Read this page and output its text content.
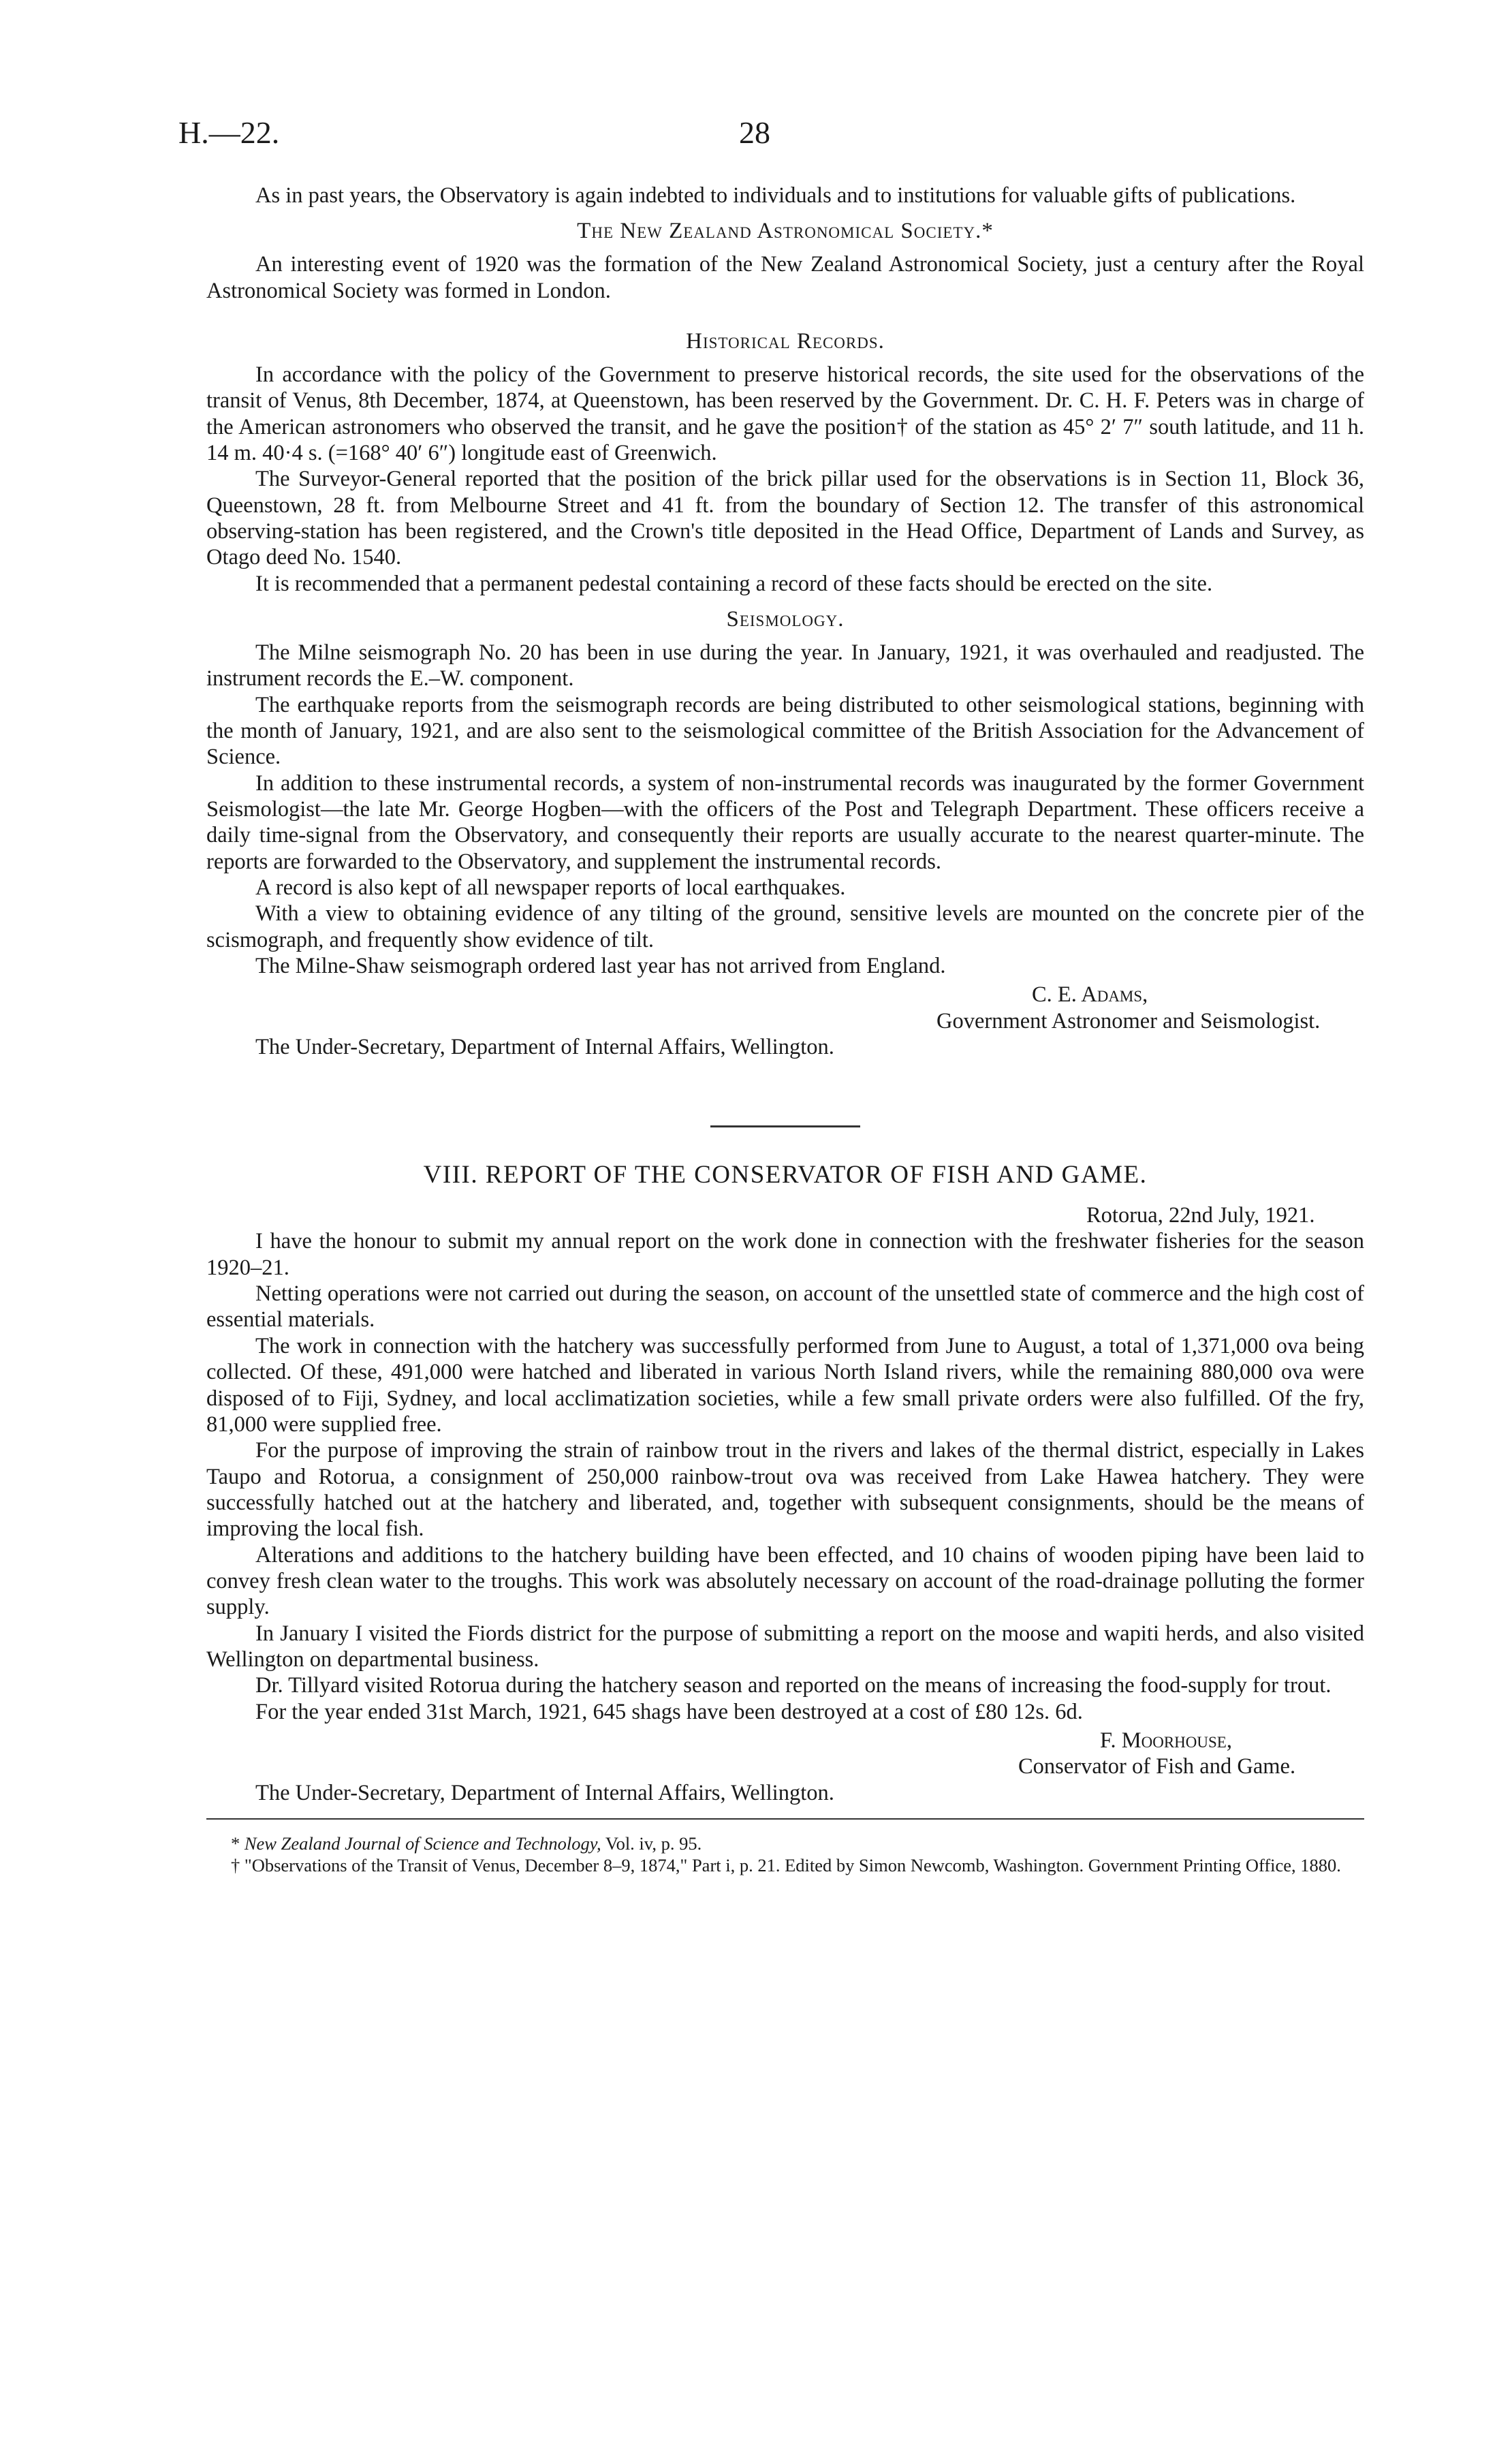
H.—22.	28

As in past years, the Observatory is again indebted to individuals and to institutions for valuable gifts of publications.

The New Zealand Astronomical Society.*

An interesting event of 1920 was the formation of the New Zealand Astronomical Society, just a century after the Royal Astronomical Society was formed in London.

Historical Records.

In accordance with the policy of the Government to preserve historical records, the site used for the observations of the transit of Venus, 8th December, 1874, at Queenstown, has been reserved by the Government. Dr. C. H. F. Peters was in charge of the American astronomers who observed the transit, and he gave the position† of the station as 45° 2′ 7″ south latitude, and 11 h. 14 m. 40·4 s. (=168° 40′ 6″) longitude east of Greenwich.

The Surveyor-General reported that the position of the brick pillar used for the observations is in Section 11, Block 36, Queenstown, 28 ft. from Melbourne Street and 41 ft. from the boundary of Section 12. The transfer of this astronomical observing-station has been registered, and the Crown's title deposited in the Head Office, Department of Lands and Survey, as Otago deed No. 1540.

It is recommended that a permanent pedestal containing a record of these facts should be erected on the site.

Seismology.

The Milne seismograph No. 20 has been in use during the year. In January, 1921, it was overhauled and readjusted. The instrument records the E.–W. component.

The earthquake reports from the seismograph records are being distributed to other seismological stations, beginning with the month of January, 1921, and are also sent to the seismological committee of the British Association for the Advancement of Science.

In addition to these instrumental records, a system of non-instrumental records was inaugurated by the former Government Seismologist—the late Mr. George Hogben—with the officers of the Post and Telegraph Department. These officers receive a daily time-signal from the Observatory, and consequently their reports are usually accurate to the nearest quarter-minute. The reports are forwarded to the Observatory, and supplement the instrumental records.

A record is also kept of all newspaper reports of local earthquakes.

With a view to obtaining evidence of any tilting of the ground, sensitive levels are mounted on the concrete pier of the scismograph, and frequently show evidence of tilt.

The Milne-Shaw seismograph ordered last year has not arrived from England.

C. E. Adams,

Government Astronomer and Seismologist.

The Under-Secretary, Department of Internal Affairs, Wellington.

VIII. REPORT OF THE CONSERVATOR OF FISH AND GAME.

Rotorua, 22nd July, 1921.

I have the honour to submit my annual report on the work done in connection with the freshwater fisheries for the season 1920–21.

Netting operations were not carried out during the season, on account of the unsettled state of commerce and the high cost of essential materials.

The work in connection with the hatchery was successfully performed from June to August, a total of 1,371,000 ova being collected. Of these, 491,000 were hatched and liberated in various North Island rivers, while the remaining 880,000 ova were disposed of to Fiji, Sydney, and local acclimatization societies, while a few small private orders were also fulfilled. Of the fry, 81,000 were supplied free.

For the purpose of improving the strain of rainbow trout in the rivers and lakes of the thermal district, especially in Lakes Taupo and Rotorua, a consignment of 250,000 rainbow-trout ova was received from Lake Hawea hatchery. They were successfully hatched out at the hatchery and liberated, and, together with subsequent consignments, should be the means of improving the local fish.

Alterations and additions to the hatchery building have been effected, and 10 chains of wooden piping have been laid to convey fresh clean water to the troughs. This work was absolutely necessary on account of the road-drainage polluting the former supply.

In January I visited the Fiords district for the purpose of submitting a report on the moose and wapiti herds, and also visited Wellington on departmental business.

Dr. Tillyard visited Rotorua during the hatchery season and reported on the means of increasing the food-supply for trout.

For the year ended 31st March, 1921, 645 shags have been destroyed at a cost of £80 12s. 6d.

F. Moorhouse,

Conservator of Fish and Game.

The Under-Secretary, Department of Internal Affairs, Wellington.

* New Zealand Journal of Science and Technology, Vol. iv, p. 95.

† "Observations of the Transit of Venus, December 8–9, 1874," Part i, p. 21. Edited by Simon Newcomb, Washington. Government Printing Office, 1880.
